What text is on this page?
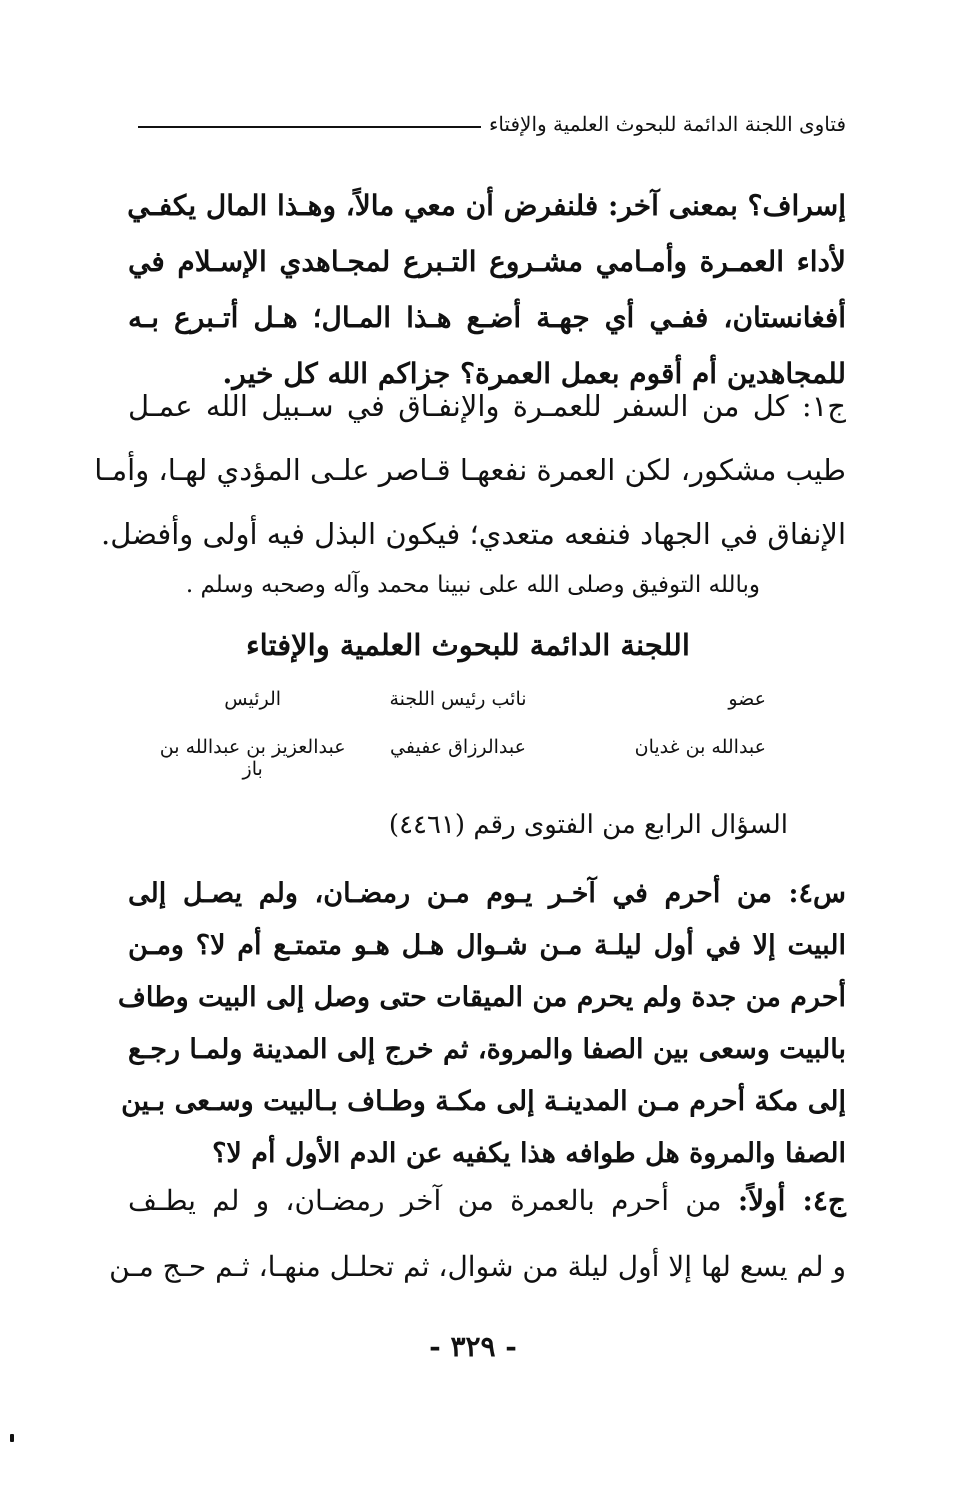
فتاوى اللجنة الدائمة للبحوث العلمية والإفتاء
إسراف؟ بمعنى آخر: فلنفرض أن معي مالاً، وهـذا المال يكفـي
لأداء العمـرة وأمـامي مشـروع التـبرع لمجـاهدي الإسـلام في
أفغانستان، ففـي أي جهـة أضـع هـذا المـال؛ هـل أتـبرع بـه
للمجاهدين أم أقوم بعمل العمرة؟ جزاكم الله كل خير.
ج١: كل من السفر للعمـرة والإنفـاق في سـبيل الله عمـل
طيب مشكور، لكن العمرة نفعهـا قـاصر علـى المؤدي لهـا، وأمـا
الإنفاق في الجهاد فنفعه متعدي؛ فيكون البذل فيه أولى وأفضل.
وبالله التوفيق وصلى الله على نبينا محمد وآله وصحبه وسلم .
اللجنة الدائمة للبحوث العلمية والإفتاء
عضو
نائب رئيس اللجنة
الرئيس
عبدالله بن غديان
عبدالرزاق عفيفي
عبدالعزيز بن عبدالله بن باز
السؤال الرابع من الفتوى رقم (٤٤٦١)
س٤: من أحرم في آخـر يـوم مـن رمضـان، ولم يصـل إلى
البيت إلا في أول ليلـة مـن شـوال هـل هـو متمتـع أم لا؟ ومـن
أحرم من جدة ولم يحرم من الميقات حتى وصل إلى البيت وطاف
بالبيت وسعى بين الصفا والمروة، ثم خرج إلى المدينة ولمـا رجـع
إلى مكة أحرم مـن المدينـة إلى مكـة وطـاف بـالبيت وسـعى بـين
الصفا والمروة هل طوافه هذا يكفيه عن الدم الأول أم لا؟
ج٤: أولاً: من أحرم بالعمرة من آخر رمضـان، و لم يطـف
و لم يسع لها إلا أول ليلة من شوال، ثم تحلـل منهـا، ثـم حـج مـن
- ٣٢٩ -
